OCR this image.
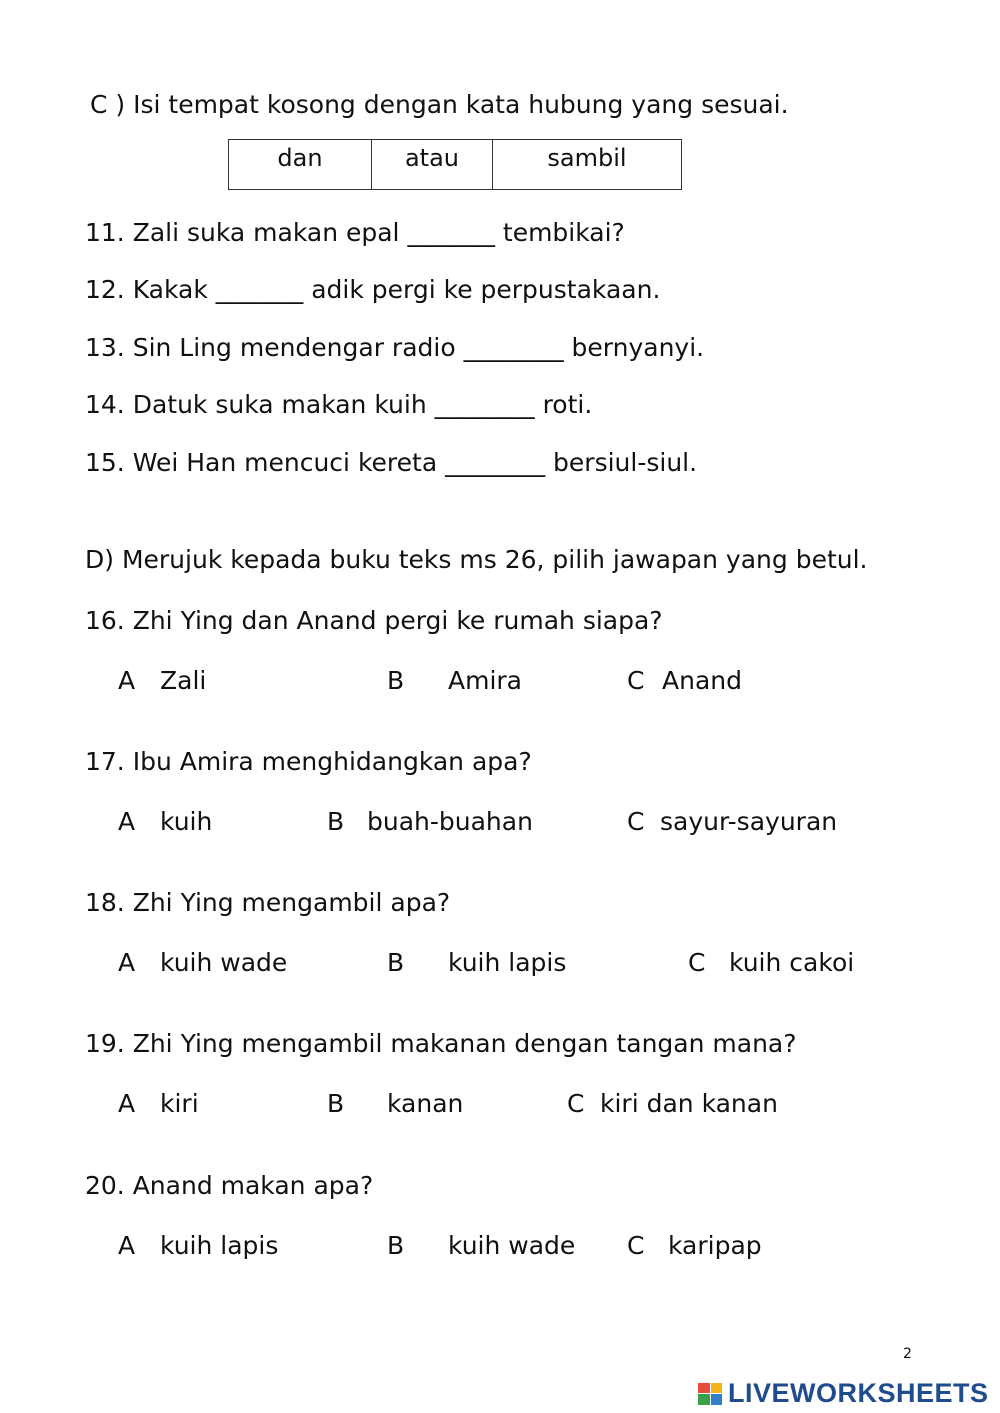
C ) Isi tempat kosong dengan kata hubung yang sesuai.
dan	atau	sambil
11. Zali suka makan epal _______ tembikai?
12. Kakak _______ adik pergi ke perpustakaan.
13. Sin Ling mendengar radio ________ bernyanyi.
14. Datuk suka makan kuih ________ roti.
15. Wei Han mencuci kereta ________ bersiul-siul.
D) Merujuk kepada buku teks ms 26, pilih jawapan yang betul.
16. Zhi Ying dan Anand pergi ke rumah siapa?
A Zali	B Amira	C Anand
17. Ibu Amira menghidangkan apa?
A kuih	B buah-buahan	C sayur-sayuran
18. Zhi Ying mengambil apa?
A kuih wade	B kuih lapis	C kuih cakoi
19. Zhi Ying mengambil makanan dengan tangan mana?
A kiri	B kanan	C kiri dan kanan
20. Anand makan apa?
A kuih lapis	B kuih wade C karipap
2
LIVEWORKSHEETS
